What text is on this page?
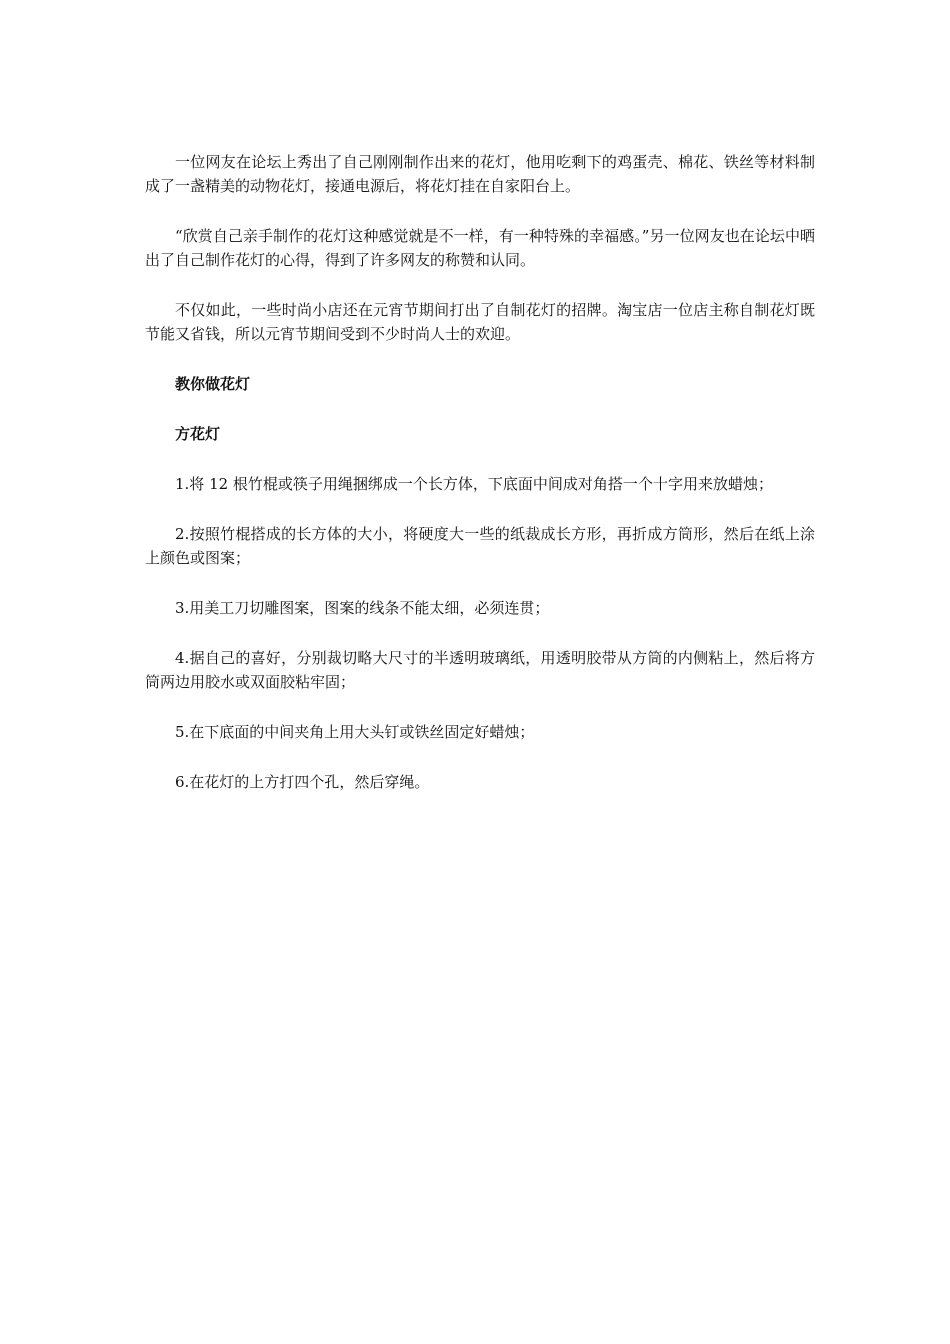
一位网友在论坛上秀出了自己刚刚制作出来的花灯，他用吃剩下的鸡蛋壳、棉花、铁丝等材料制成了一盏精美的动物花灯，接通电源后，将花灯挂在自家阳台上。

“欣赏自己亲手制作的花灯这种感觉就是不一样，有一种特殊的幸福感。”另一位网友也在论坛中晒出了自己制作花灯的心得，得到了许多网友的称赞和认同。

不仅如此，一些时尚小店还在元宵节期间打出了自制花灯的招牌。淘宝店一位店主称自制花灯既节能又省钱，所以元宵节期间受到不少时尚人士的欢迎。

教你做花灯

方花灯

1.将 12 根竹棍或筷子用绳捆绑成一个长方体，下底面中间成对角搭一个十字用来放蜡烛；

2.按照竹棍搭成的长方体的大小，将硬度大一些的纸裁成长方形，再折成方筒形，然后在纸上涂上颜色或图案；

3.用美工刀切雕图案，图案的线条不能太细，必须连贯；

4.据自己的喜好，分别裁切略大尺寸的半透明玻璃纸，用透明胶带从方筒的内侧粘上，然后将方筒两边用胶水或双面胶粘牢固；

5.在下底面的中间夹角上用大头钉或铁丝固定好蜡烛；

6.在花灯的上方打四个孔，然后穿绳。
